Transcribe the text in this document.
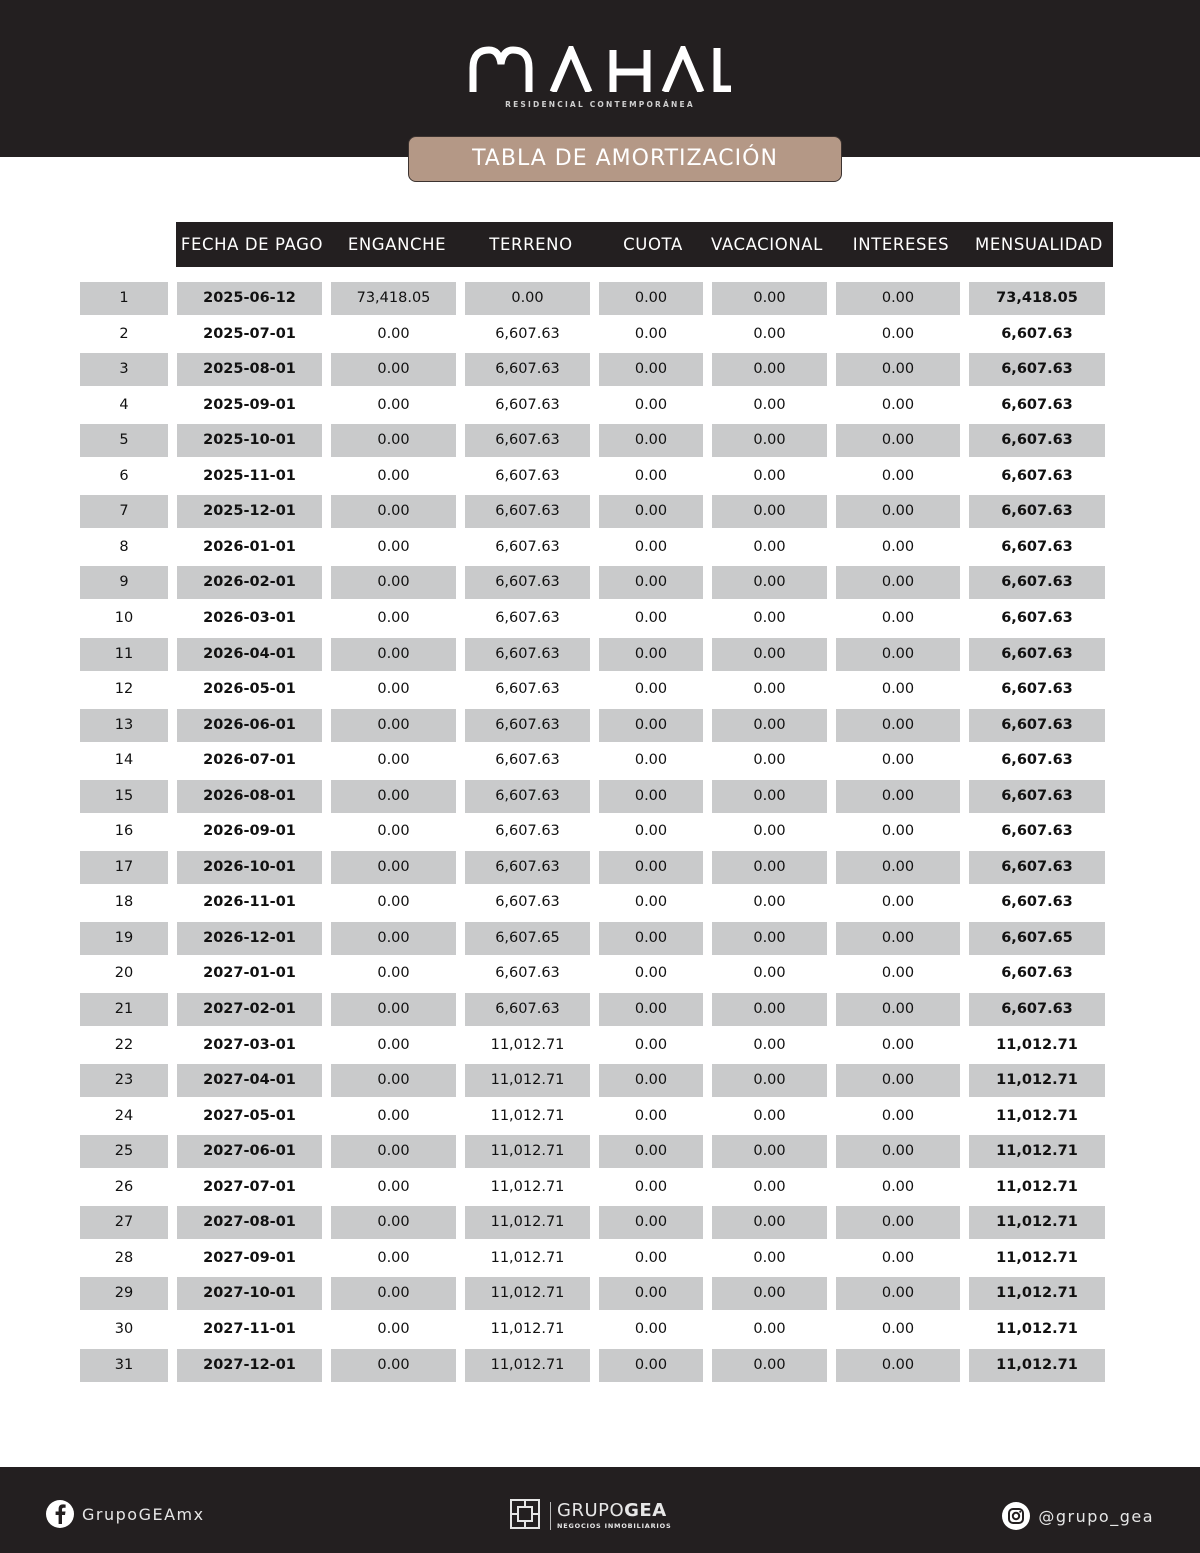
RESIDENCIAL CONTEMPORÁNEA
TABLA DE AMORTIZACIÓN
FECHA DE PAGO	ENGANCHE	TERRENO	CUOTA	VACACIONAL	INTERESES	MENSUALIDAD
1	2025-06-12	73,418.05	0.00	0.00	0.00	0.00	73,418.05
2	2025-07-01	0.00	6,607.63	0.00	0.00	0.00	6,607.63
3	2025-08-01	0.00	6,607.63	0.00	0.00	0.00	6,607.63
4	2025-09-01	0.00	6,607.63	0.00	0.00	0.00	6,607.63
5	2025-10-01	0.00	6,607.63	0.00	0.00	0.00	6,607.63
6	2025-11-01	0.00	6,607.63	0.00	0.00	0.00	6,607.63
7	2025-12-01	0.00	6,607.63	0.00	0.00	0.00	6,607.63
8	2026-01-01	0.00	6,607.63	0.00	0.00	0.00	6,607.63
9	2026-02-01	0.00	6,607.63	0.00	0.00	0.00	6,607.63
10	2026-03-01	0.00	6,607.63	0.00	0.00	0.00	6,607.63
11	2026-04-01	0.00	6,607.63	0.00	0.00	0.00	6,607.63
12	2026-05-01	0.00	6,607.63	0.00	0.00	0.00	6,607.63
13	2026-06-01	0.00	6,607.63	0.00	0.00	0.00	6,607.63
14	2026-07-01	0.00	6,607.63	0.00	0.00	0.00	6,607.63
15	2026-08-01	0.00	6,607.63	0.00	0.00	0.00	6,607.63
16	2026-09-01	0.00	6,607.63	0.00	0.00	0.00	6,607.63
17	2026-10-01	0.00	6,607.63	0.00	0.00	0.00	6,607.63
18	2026-11-01	0.00	6,607.63	0.00	0.00	0.00	6,607.63
19	2026-12-01	0.00	6,607.65	0.00	0.00	0.00	6,607.65
20	2027-01-01	0.00	6,607.63	0.00	0.00	0.00	6,607.63
21	2027-02-01	0.00	6,607.63	0.00	0.00	0.00	6,607.63
22	2027-03-01	0.00	11,012.71	0.00	0.00	0.00	11,012.71
23	2027-04-01	0.00	11,012.71	0.00	0.00	0.00	11,012.71
24	2027-05-01	0.00	11,012.71	0.00	0.00	0.00	11,012.71
25	2027-06-01	0.00	11,012.71	0.00	0.00	0.00	11,012.71
26	2027-07-01	0.00	11,012.71	0.00	0.00	0.00	11,012.71
27	2027-08-01	0.00	11,012.71	0.00	0.00	0.00	11,012.71
28	2027-09-01	0.00	11,012.71	0.00	0.00	0.00	11,012.71
29	2027-10-01	0.00	11,012.71	0.00	0.00	0.00	11,012.71
30	2027-11-01	0.00	11,012.71	0.00	0.00	0.00	11,012.71
31	2027-12-01	0.00	11,012.71	0.00	0.00	0.00	11,012.71
GrupoGEAmx	GRUPOGEA
NEGOCIOS INMOBILIARIOS
@grupo_gea
